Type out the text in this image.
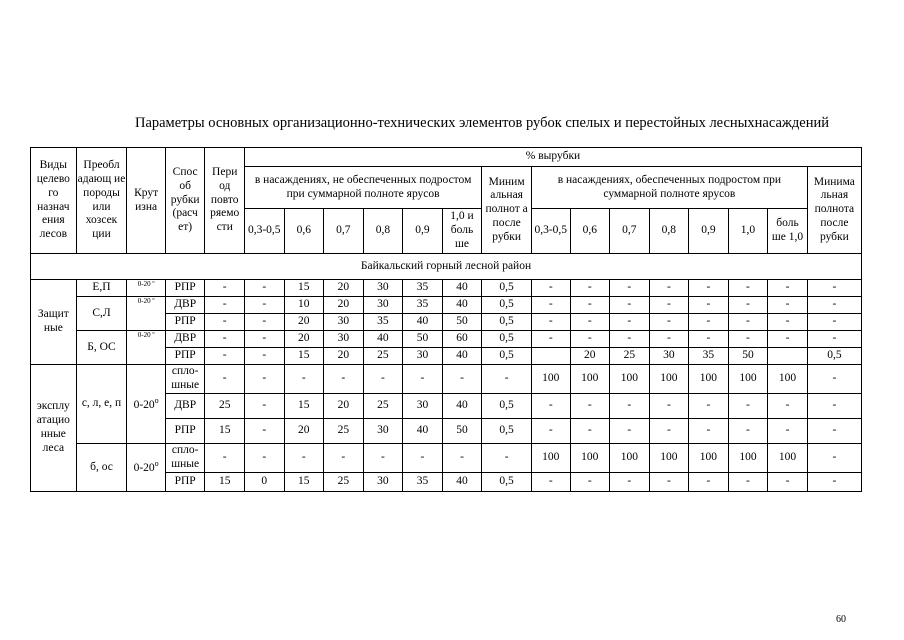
Параметры основных организационно-технических элементов рубок спелых и перестойных лесныхнасаждений
Виды целево го назнач ения лесов	Преобл адающ ие породы или хозсек ции	Крут изна	Спос об рубки (расч ет)	Пери од повто ряемо сти	% вырубки														
					в насаждениях, не обеспеченных подростом при суммарной полноте ярусов						Миним альная полнот а после рубки	в насаждениях, обеспеченных подростом при суммарной полноте ярусов							Минима льная полнота после рубки
					0,3-0,5	0,6	0,7	0,8	0,9	1,0 и боль ше		0,3-0,5	0,6	0,7	0,8	0,9	1,0	боль ше 1,0	
Байкальский горный лесной район																			
Защит ные	Е,П	0-20 º	РПР	-	-	15	20	30	35	40	0,5	-	-	-	-	-	-	-	-
	С,Л	0-20 º	ДВР	-	-	10	20	30	35	40	0,5	-	-	-	-	-	-	-	-
			РПР	-	-	20	30	35	40	50	0,5	-	-	-	-	-	-	-	-
	Б, ОС	0-20 º	ДВР	-	-	20	30	40	50	60	0,5	-	-	-	-	-	-	-	-
			РПР	-	-	15	20	25	30	40	0,5		20	25	30	35	50		0,5
эксплу атацио нные леса	с, л, е, п	$0-20^о$	спло- шные	-	-	-	-	-	-	-	-	100	100	100	100	100	100	100	-
			ДВР	25	-	15	20	25	30	40	0,5	-	-	-	-	-	-	-	-
			РПР	15	-	20	25	30	40	50	0,5	-	-	-	-	-	-	-	-
	б, ос	$0-20^о$	спло- шные	-	-	-	-	-	-	-	-	100	100	100	100	100	100	100	-
			РПР	15	0	15	25	30	35	40	0,5	-	-	-	-	-	-	-	-
60
